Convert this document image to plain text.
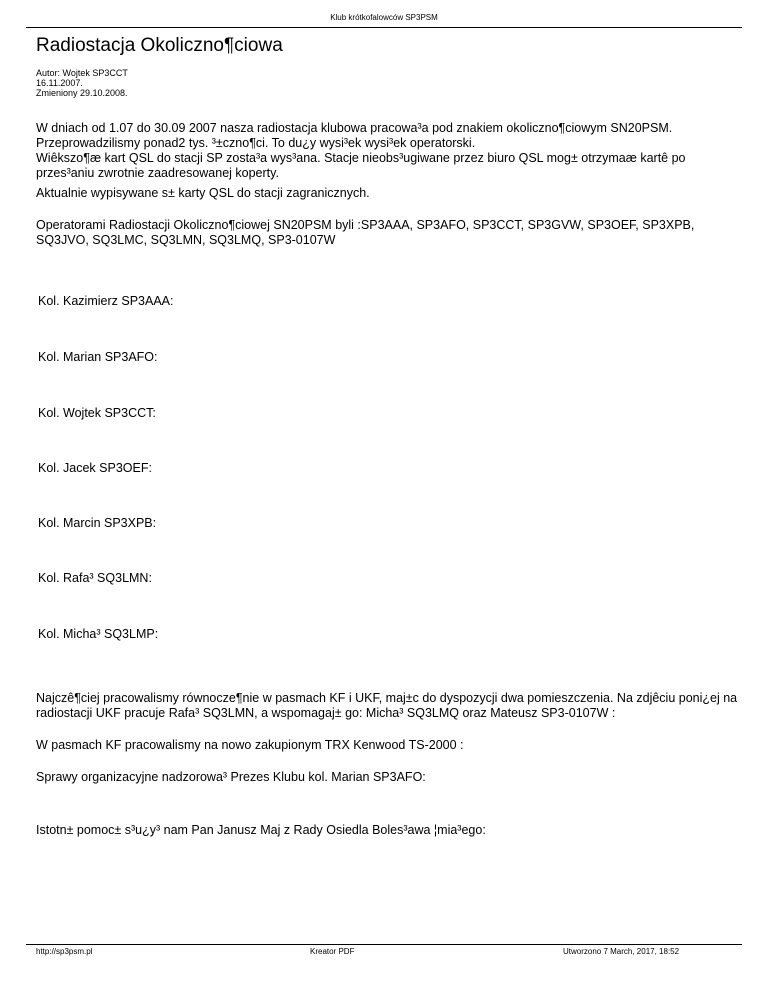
Klub krótkofalowców SP3PSM
Radiostacja Okoliczno¶ciowa
Autor: Wojtek SP3CCT
16.11.2007.
Zmieniony 29.10.2008.

W dniach od 1.07 do 30.09 2007 nasza radiostacja klubowa pracowa³a pod znakiem okoliczno¶ciowym SN20PSM.

Przeprowadzilismy ponad2 tys. ³±czno¶ci. To du¿y wysi³ek wysi³ek operatorski.

Wiêkszo¶æ kart QSL do stacji SP zosta³a wys³ana. Stacje nieobs³ugiwane przez biuro QSL mog± otrzymaæ kartê po przes³aniu zwrotnie zaadresowanej koperty.

Aktualnie wypisywane s± karty QSL do stacji zagranicznych.

Operatorami Radiostacji Okoliczno¶ciowej SN20PSM byli :SP3AAA, SP3AFO, SP3CCT, SP3GVW, SP3OEF, SP3XPB, SQ3JVO, SQ3LMC, SQ3LMN, SQ3LMQ, SP3-0107W

Kol. Kazimierz SP3AAA:
Kol. Marian SP3AFO:
Kol. Wojtek SP3CCT:
Kol. Jacek SP3OEF:
Kol. Marcin SP3XPB:
Kol. Rafa³ SQ3LMN:
Kol. Micha³ SQ3LMP:

Najczê¶ciej pracowalismy równocze¶nie w pasmach KF i UKF, maj±c do dyspozycji dwa pomieszczenia. Na zdjêciu poni¿ej na radiostacji UKF pracuje Rafa³ SQ3LMN, a wspomagaj± go: Micha³ SQ3LMQ oraz Mateusz SP3-0107W :

W pasmach KF pracowalismy na nowo zakupionym TRX Kenwood TS-2000 :

Sprawy organizacyjne nadzorowa³ Prezes Klubu kol. Marian SP3AFO:

Istotn± pomoc± s³u¿y³ nam Pan Janusz Maj z Rady Osiedla Boles³awa ¦mia³ego:

http://sp3psm.pl	Kreator PDF	Utworzono 7 March, 2017, 18:52
